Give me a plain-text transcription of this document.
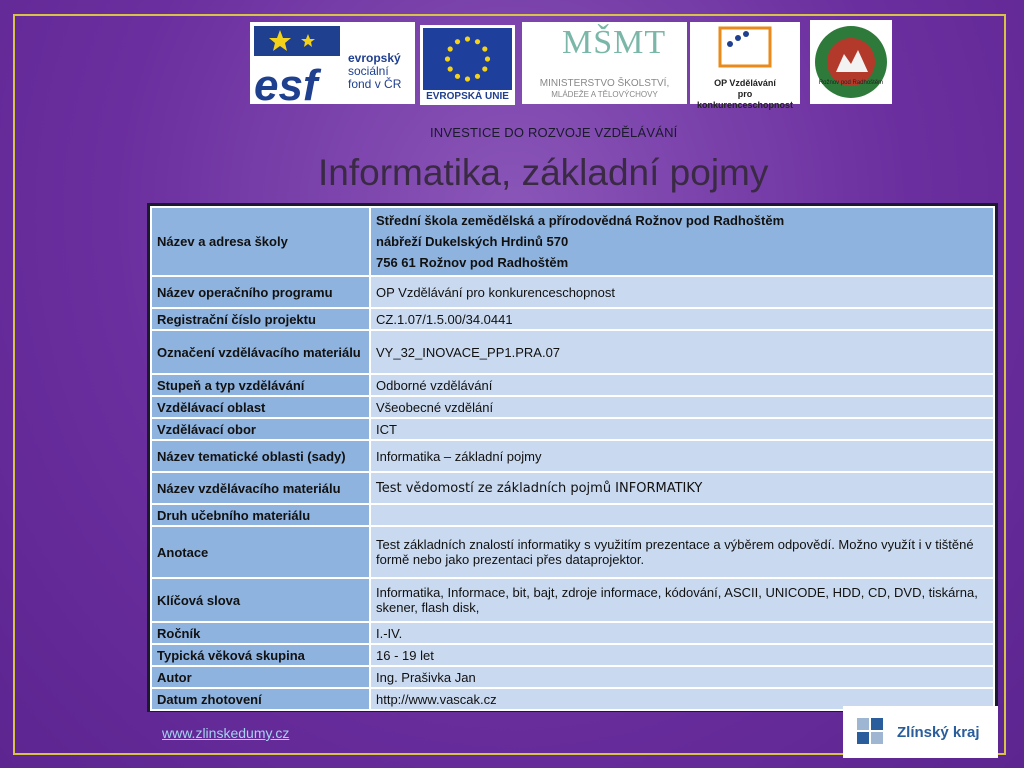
esf
evropský
sociální
fond v ČR
EVROPSKÁ UNIE
MŠMT
MINISTERSTVO ŠKOLSTVÍ,
MLÁDEŽE A TĚLOVÝCHOVY
OP Vzdělávání
pro konkurenceschopnost
Rožnov pod Radhoštěm
INVESTICE DO ROZVOJE VZDĚLÁVÁNÍ
Informatika, základní pojmy
Název a adresa školy	Střední škola zemědělská a přírodovědná Rožnov pod Radhoštěm
nábřeží Dukelských Hrdinů 570
756 61 Rožnov pod Radhoštěm

Název operačního programu	OP Vzdělávání pro konkurenceschopnost
Registrační číslo projektu	CZ.1.07/1.5.00/34.0441
Označení vzdělávacího materiálu	VY_32_INOVACE_PP1.PRA.07
Stupeň a typ vzdělávání	Odborné vzdělávání
Vzdělávací oblast	Všeobecné vzdělání
Vzdělávací obor	ICT
Název tematické oblasti (sady)	Informatika – základní pojmy
Název vzdělávacího materiálu	Test vědomostí ze základních pojmů INFORMATIKY
Druh učebního materiálu	
Anotace	Test základních znalostí informatiky s využitím prezentace a výběrem odpovědí. Možno využít i v tištěné formě nebo jako prezentaci přes dataprojektor.
Klíčová slova	Informatika, Informace, bit, bajt, zdroje informace, kódování, ASCII, UNICODE, HDD, CD, DVD, tiskárna, skener, flash disk,
Ročník	I.-IV.
Typická věková skupina	16 - 19 let
Autor	Ing. Prašivka Jan
Datum zhotovení	http://www.vascak.cz
www.zlinskedumy.cz	Zlínský kraj
